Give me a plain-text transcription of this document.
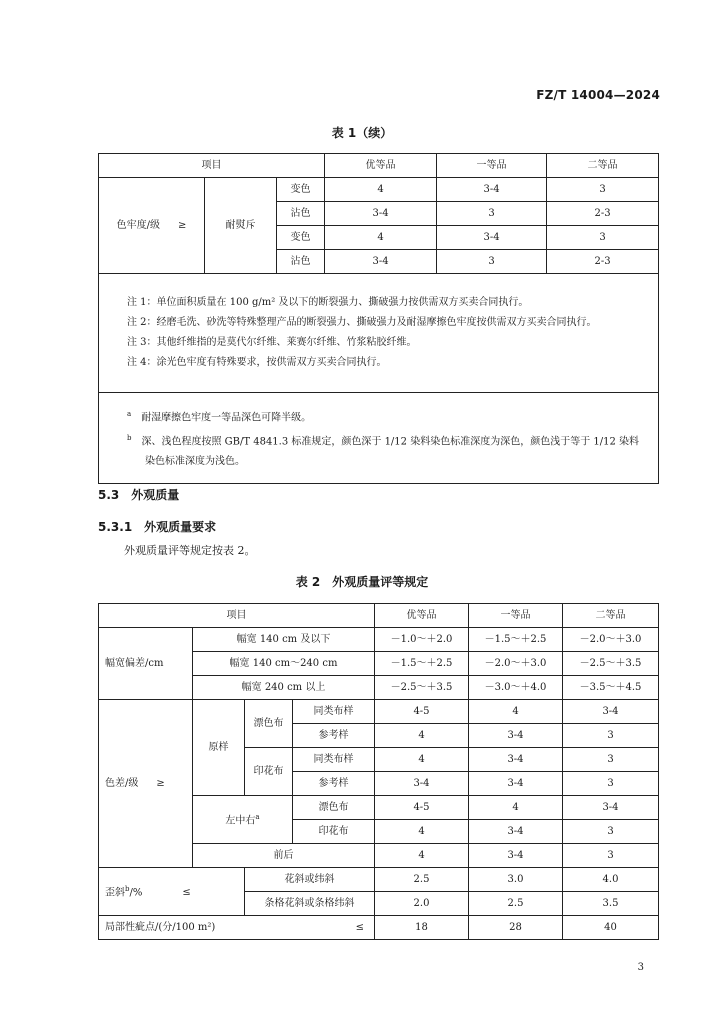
FZ/T 14004—2024
表 1（续）
项目			优等品	一等品	二等品
色牢度/级 ≥	耐熨斥	变色	4	3-4	3
		沾色	3-4	3	2-3
		变色	4	3-4	3
		沾色	3-4	3	2-3

注 1：单位面积质量在 100 g/m² 及以下的断裂强力、撕破强力按供需双方买卖合同执行。
注 2：经磨毛洗、砂洗等特殊整理产品的断裂强力、撕破强力及耐湿摩擦色牢度按供需双方买卖合同执行。
注 3：其他纤维指的是莫代尔纤维、莱赛尔纤维、竹浆粘胶纤维。
注 4：涂光色牢度有特殊要求，按供需双方买卖合同执行。					

$^a$　 耐湿摩擦色牢度一等品深色可降半级。
$^b$　 深、浅色程度按照 GB/T 4841.3 标准规定，颜色深于 1/12 染料染色标准深度为深色，颜色浅于等于 1/12 染料
染色标准深度为浅色。					
5.3　外观质量
5.3.1　外观质量要求
外观质量评等规定按表 2。
表 2　外观质量评等规定
项目				优等品	一等品	二等品
幅宽偏差/cm	幅宽 140 cm 及以下			－1.0～＋2.0	－1.5～＋2.5	－2.0～＋3.0
	幅宽 140 cm～240 cm			－1.5～＋2.5	－2.0～＋3.0	－2.5～＋3.5
	幅宽 240 cm 以上			－2.5～＋3.5	－3.0～＋4.0	－3.5～＋4.5
色差/级 ≥	原样	漂色布	同类布样	4-5	4	3-4
			参考样	4	3-4	3
		印花布	同类布样	4	3-4	3
			参考样	3-4	3-4	3
	左中右$^a$		漂色布	4-5	4	3-4
			印花布	4	3-4	3
	前后			4	3-4	3
歪斜$^b$/% ≤		花斜或纬斜		2.5	3.0	4.0
		条格花斜或条格纬斜		2.0	2.5	3.5
局部性疵点/(分/100 m²) ≤				18	28	40
3
